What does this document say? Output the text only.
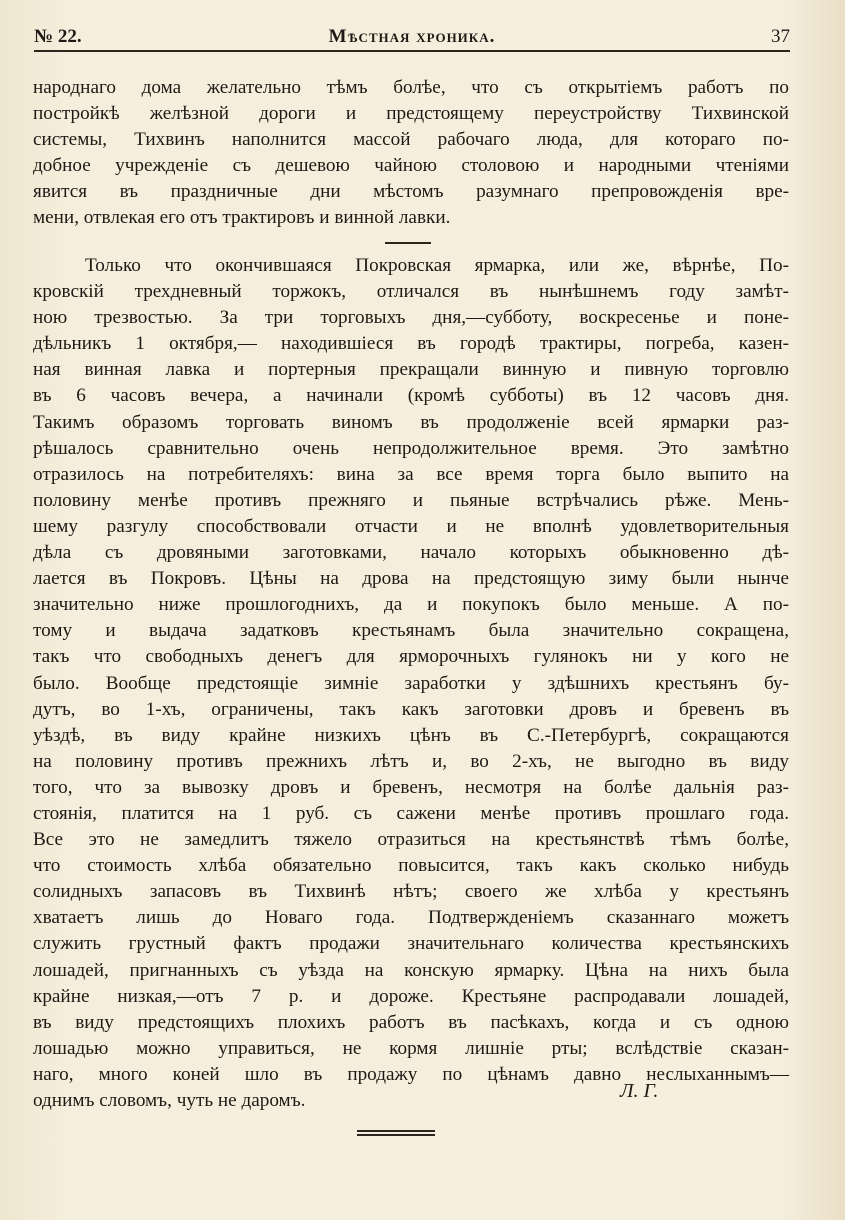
№ 22.	Мѣстная хроника.	37
народнаго дома желательно тѣмъ болѣе, что съ открытіемъ работъ по
постройкѣ желѣзной дороги и предстоящему переустройству Тихвинской
системы, Тихвинъ наполнится массой рабочаго люда, для котораго по-
добное учрежденіе съ дешевою чайною столовою и народными чтеніями
явится въ праздничные дни мѣстомъ разумнаго препровожденія вре-
мени, отвлекая его отъ трактировъ и винной лавки.
Только что окончившаяся Покровская ярмарка, или же, вѣрнѣе, По-
кровскій трехдневный торжокъ, отличался въ нынѣшнемъ году замѣт-
ною трезвостью. За три торговыхъ дня,—субботу, воскресенье и поне-
дѣльникъ 1 октября,— находившіеся въ городѣ трактиры, погреба, казен-
ная винная лавка и портерныя прекращали винную и пивную торговлю
въ 6 часовъ вечера, а начинали (кромѣ субботы) въ 12 часовъ дня.
Такимъ образомъ торговать виномъ въ продолженіе всей ярмарки раз-
рѣшалось сравнительно очень непродолжительное время. Это замѣтно
отразилось на потребителяхъ: вина за все время торга было выпито на
половину менѣе противъ прежняго и пьяные встрѣчались рѣже. Мень-
шему разгулу способствовали отчасти и не вполнѣ удовлетворительныя
дѣла съ дровяными заготовками, начало которыхъ обыкновенно дѣ-
лается въ Покровъ. Цѣны на дрова на предстоящую зиму были нынче
значительно ниже прошлогоднихъ, да и покупокъ было меньше. А по-
тому и выдача задатковъ крестьянамъ была значительно сокращена,
такъ что свободныхъ денегъ для ярморочныхъ гулянокъ ни у кого не
было. Вообще предстоящіе зимніе заработки у здѣшнихъ крестьянъ бу-
дутъ, во 1-хъ, ограничены, такъ какъ заготовки дровъ и бревенъ въ
уѣздѣ, въ виду крайне низкихъ цѣнъ въ С.-Петербургѣ, сокращаются
на половину противъ прежнихъ лѣтъ и, во 2-хъ, не выгодно въ виду
того, что за вывозку дровъ и бревенъ, несмотря на болѣе дальнія раз-
стоянія, платится на 1 руб. съ сажени менѣе противъ прошлаго года.
Все это не замедлитъ тяжело отразиться на крестьянствѣ тѣмъ болѣе,
что стоимость хлѣба обязательно повысится, такъ какъ сколько нибудь
солидныхъ запасовъ въ Тихвинѣ нѣтъ; своего же хлѣба у крестьянъ
хватаетъ лишь до Новаго года. Подтвержденіемъ сказаннаго можетъ
служить грустный фактъ продажи значительнаго количества крестьянскихъ
лошадей, пригнанныхъ съ уѣзда на конскую ярмарку. Цѣна на нихъ была
крайне низкая,—отъ 7 р. и дороже. Крестьяне распродавали лошадей,
въ виду предстоящихъ плохихъ работъ въ пасѣкахъ, когда и съ одною
лошадью можно управиться, не кормя лишніе рты; вслѣдствіе сказан-
наго, много коней шло въ продажу по цѣнамъ давно неслыханнымъ—
однимъ словомъ, чуть не даромъ.	Л. Г.
